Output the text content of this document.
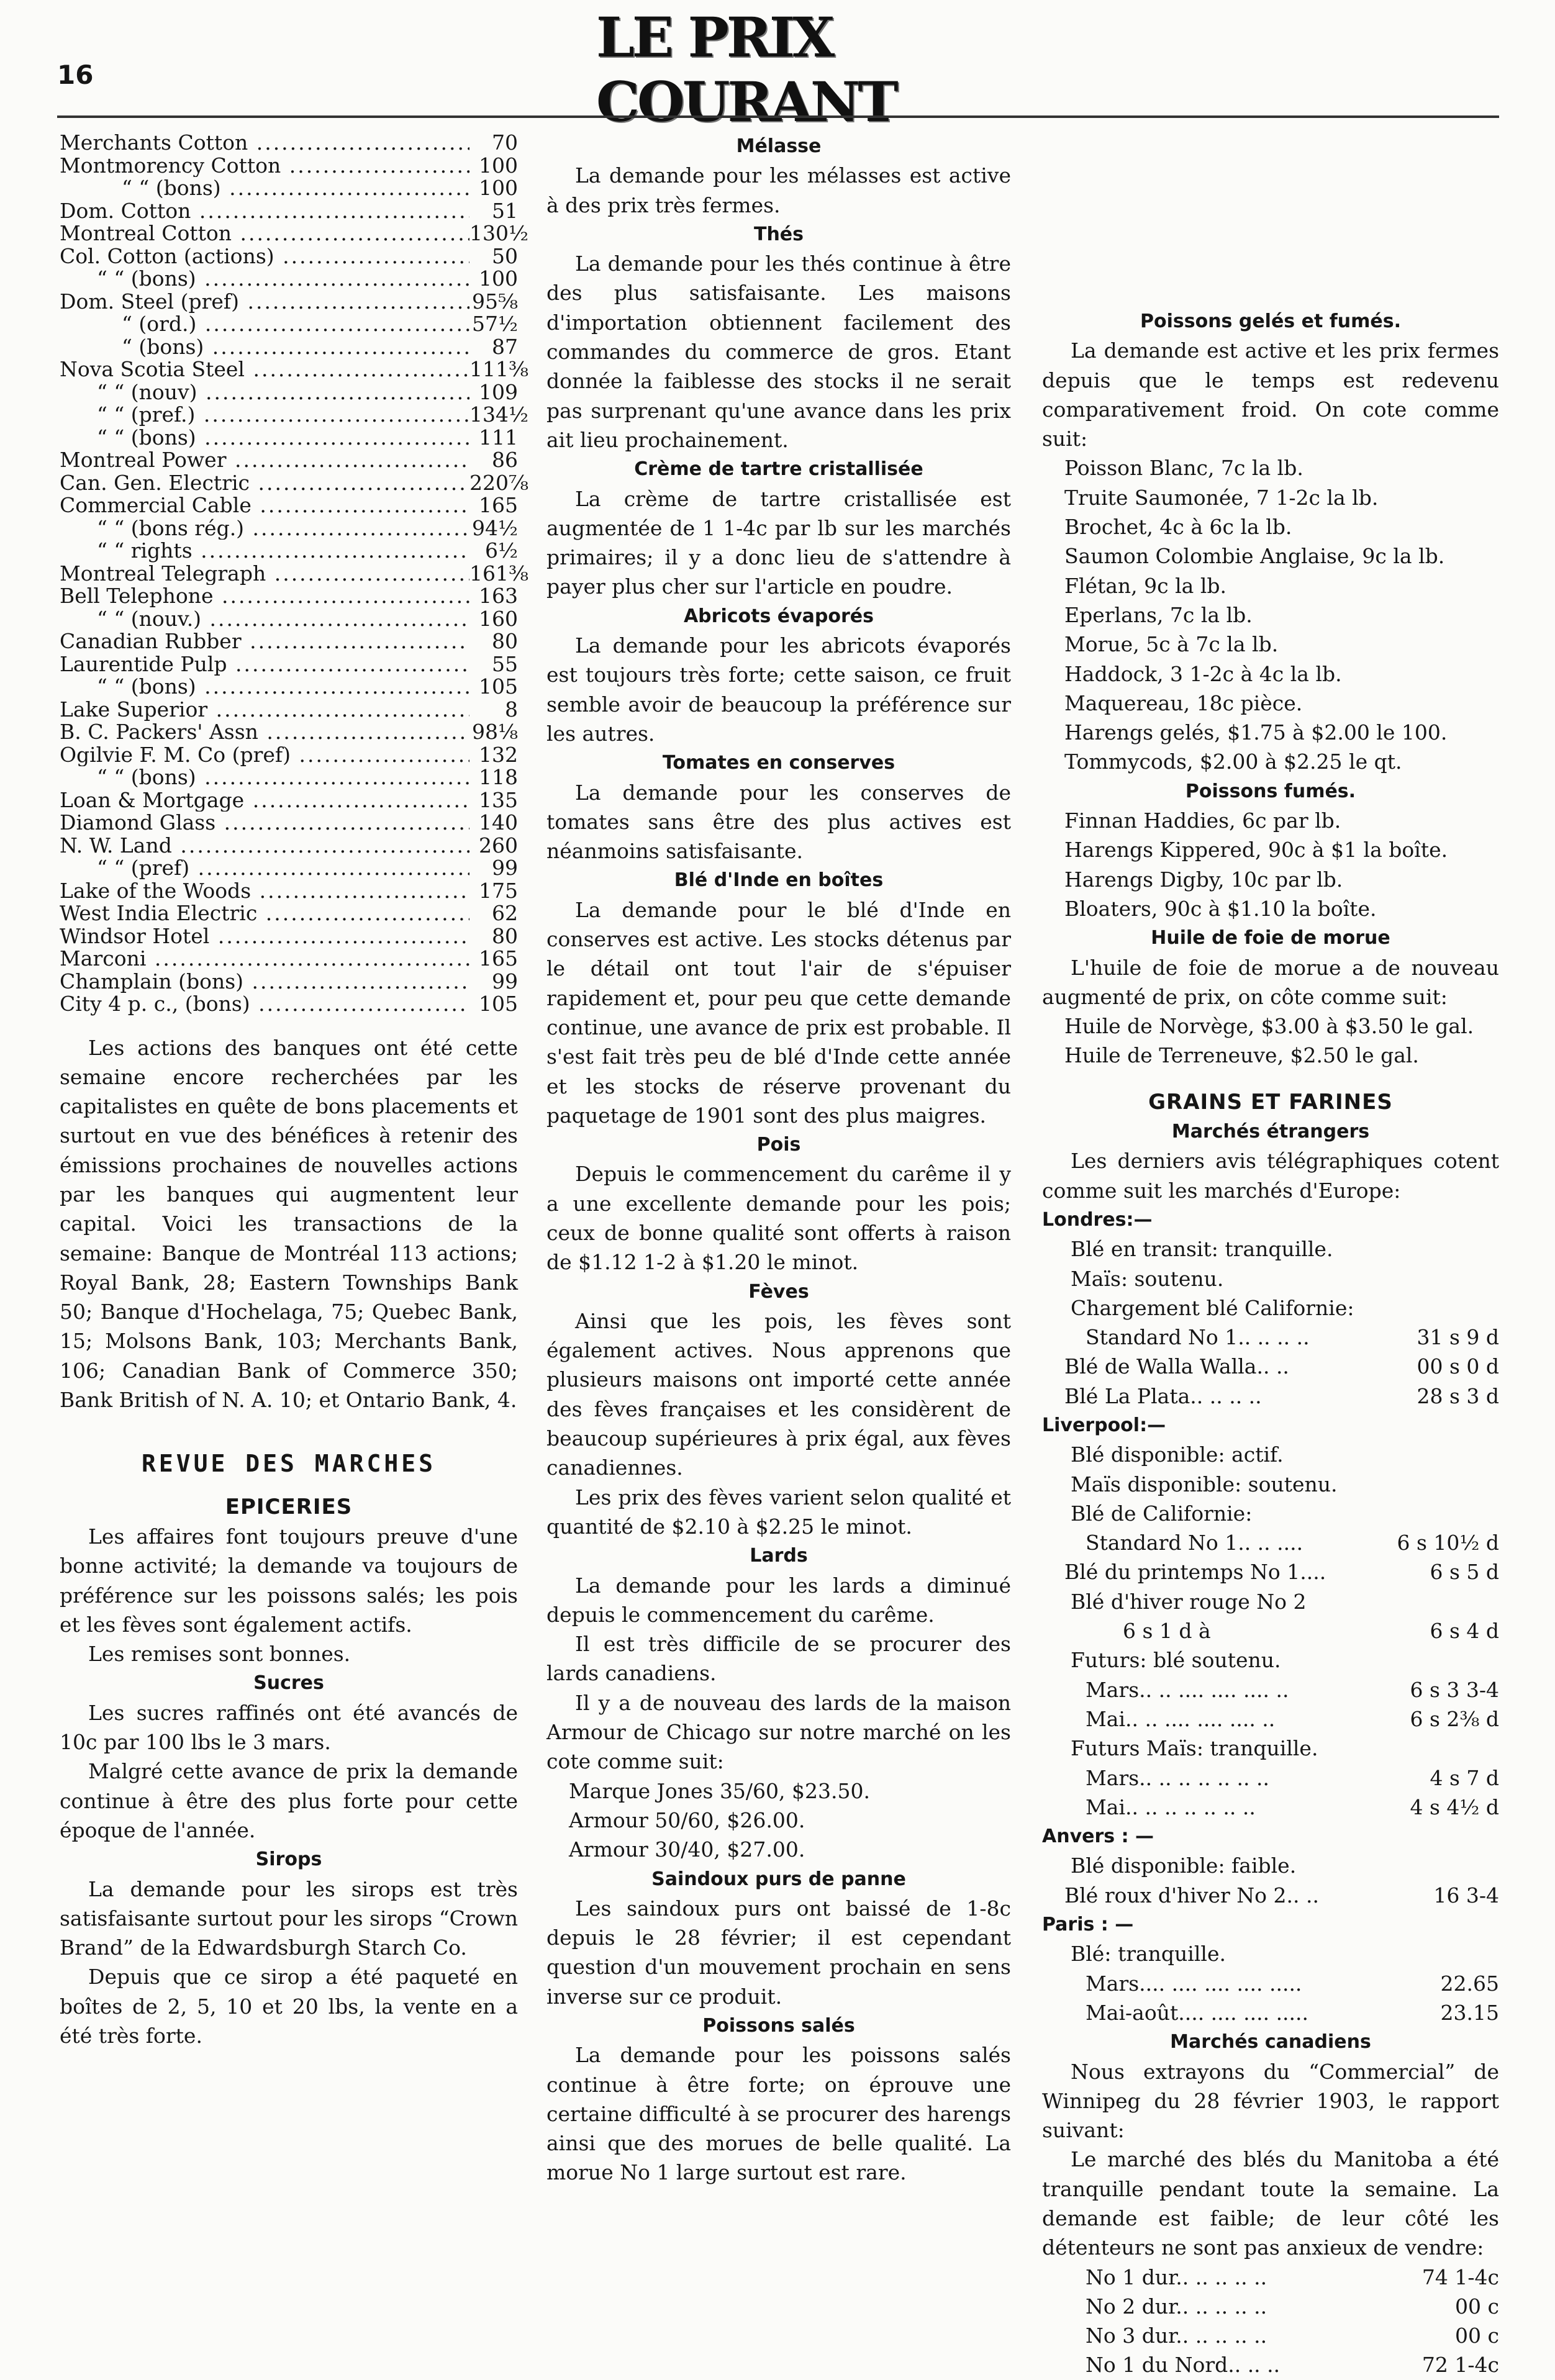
16
LE PRIX COURANT
Merchants Cotton .....	70
Montmorency Cotton .....	100
“ “ (bons) .....	100
Dom. Cotton .....	51
Montreal Cotton .....	130½
Col. Cotton (actions) .....	50
“ “ (bons) .....	100
Dom. Steel (pref) .....	95⅝
“ (ord.) .....	57½
“ (bons) .....	87
Nova Scotia Steel .....	111⅜
“ “ (nouv) .....	109
“ “ (pref.) .....	134½
“ “ (bons) .....	111
Montreal Power .....	86
Can. Gen. Electric .....	220⅞
Commercial Cable .....	165
“ “ (bons rég.) .....	94½
“ “ rights .....	6½
Montreal Telegraph .....	161⅜
Bell Telephone .....	163
“ “ (nouv.) .....	160
Canadian Rubber .....	80
Laurentide Pulp .....	55
“ “ (bons) .....	105
Lake Superior .....	8
B. C. Packers' Assn .....	98⅛
Ogilvie F. M. Co (pref) .....	132
“ “ (bons) .....	118
Loan & Mortgage .....	135
Diamond Glass .....	140
N. W. Land .....	260
“ “ (pref) .....	99
Lake of the Woods .....	175
West India Electric .....	62
Windsor Hotel .....	80
Marconi .....	165
Champlain (bons) .....	99
City 4 p. c., (bons) .....	105

Les actions des banques ont été cette semaine encore recherchées par les capitalistes en quête de bons placements et surtout en vue des bénéfices à retenir des émissions prochaines de nouvelles actions par les banques qui augmentent leur capital. Voici les transactions de la semaine: Banque de Montréal 113 actions; Royal Bank, 28; Eastern Townships Bank 50; Banque d'Hochelaga, 75; Quebec Bank, 15; Molsons Bank, 103; Merchants Bank, 106; Canadian Bank of Commerce 350; Bank British of N. A. 10; et Ontario Bank, 4.

REVUE DES MARCHES

EPICERIES

Les affaires font toujours preuve d'une bonne activité; la demande va toujours de préférence sur les poissons salés; les pois et les fèves sont également actifs.

Les remises sont bonnes.

Sucres

Les sucres raffinés ont été avancés de 10c par 100 lbs le 3 mars.

Malgré cette avance de prix la demande continue à être des plus forte pour cette époque de l'année.

Sirops

La demande pour les sirops est très satisfaisante surtout pour les sirops “Crown Brand” de la Edwardsburgh Starch Co.

Depuis que ce sirop a été paqueté en boîtes de 2, 5, 10 et 20 lbs, la vente en a été très forte.

Mélasse

La demande pour les mélasses est active à des prix très fermes.

Thés

La demande pour les thés continue à être des plus satisfaisante. Les maisons d'importation obtiennent facilement des commandes du commerce de gros. Etant donnée la faiblesse des stocks il ne serait pas surprenant qu'une avance dans les prix ait lieu prochainement.

Crème de tartre cristallisée

La crème de tartre cristallisée est augmentée de 1 1-4c par lb sur les marchés primaires; il y a donc lieu de s'attendre à payer plus cher sur l'article en poudre.

Abricots évaporés

La demande pour les abricots évaporés est toujours très forte; cette saison, ce fruit semble avoir de beaucoup la préférence sur les autres.

Tomates en conserves

La demande pour les conserves de tomates sans être des plus actives est néanmoins satisfaisante.

Blé d'Inde en boîtes

La demande pour le blé d'Inde en conserves est active. Les stocks détenus par le détail ont tout l'air de s'épuiser rapidement et, pour peu que cette demande continue, une avance de prix est probable. Il s'est fait très peu de blé d'Inde cette année et les stocks de réserve provenant du paquetage de 1901 sont des plus maigres.

Pois

Depuis le commencement du carême il y a une excellente demande pour les pois; ceux de bonne qualité sont offerts à raison de $1.12 1-2 à $1.20 le minot.

Fèves

Ainsi que les pois, les fèves sont également actives. Nous apprenons que plusieurs maisons ont importé cette année des fèves françaises et les considèrent de beaucoup supérieures à prix égal, aux fèves canadiennes.

Les prix des fèves varient selon qualité et quantité de $2.10 à $2.25 le minot.

Lards

La demande pour les lards a diminué depuis le commencement du carême.

Il est très difficile de se procurer des lards canadiens.

Il y a de nouveau des lards de la maison Armour de Chicago sur notre marché on les cote comme suit:

Marque Jones 35/60, $23.50.

Armour 50/60, $26.00.

Armour 30/40, $27.00.

Saindoux purs de panne

Les saindoux purs ont baissé de 1-8c depuis le 28 février; il est cependant question d'un mouvement prochain en sens inverse sur ce produit.

Poissons salés

La demande pour les poissons salés continue à être forte; on éprouve une certaine difficulté à se procurer des harengs ainsi que des morues de belle qualité. La morue No 1 large surtout est rare.

Poissons gelés et fumés.

La demande est active et les prix fermes depuis que le temps est redevenu comparativement froid. On cote comme suit:

Poisson Blanc, 7c la lb.

Truite Saumonée, 7 1-2c la lb.

Brochet, 4c à 6c la lb.

Saumon Colombie Anglaise, 9c la lb.

Flétan, 9c la lb.

Eperlans, 7c la lb.

Morue, 5c à 7c la lb.

Haddock, 3 1-2c à 4c la lb.

Maquereau, 18c pièce.

Harengs gelés, $1.75 à $2.00 le 100.

Tommycods, $2.00 à $2.25 le qt.

Poissons fumés.

Finnan Haddies, 6c par lb.

Harengs Kippered, 90c à $1 la boîte.

Harengs Digby, 10c par lb.

Bloaters, 90c à $1.10 la boîte.

Huile de foie de morue

L'huile de foie de morue a de nouveau augmenté de prix, on côte comme suit:

Huile de Norvège, $3.00 à $3.50 le gal.

Huile de Terreneuve, $2.50 le gal.

GRAINS ET FARINES

Marchés étrangers

Les derniers avis télégraphiques cotent comme suit les marchés d'Europe:

Londres:—

Blé en transit: tranquille.

Maïs: soutenu.

Chargement blé Californie:

Standard No 1.. .. .. ..	31 s 9 d
Blé de Walla Walla.. ..	00 s 0 d
Blé La Plata.. .. .. ..	28 s 3 d

Liverpool:—

Blé disponible: actif.

Maïs disponible: soutenu.

Blé de Californie:

Standard No 1.. .. ....	6 s 10½ d
Blé du printemps No 1....	6 s 5 d

Blé d'hiver rouge No 2

6 s 1 d à	6 s 4 d

Futurs: blé soutenu.

Mars.. .. .... .... .... ..	6 s 3 3-4
Mai.. .. .... .... .... ..	6 s 2⅜ d

Futurs Maïs: tranquille.

Mars.. .. .. .. .. .. ..	4 s 7 d
Mai.. .. .. .. .. .. ..	4 s 4½ d

Anvers : —

Blé disponible: faible.

Blé roux d'hiver No 2.. ..	16 3-4

Paris : —

Blé: tranquille.

Mars.... .... .... .... .....	22.65
Mai-août.... .... .... .....	23.15

Marchés canadiens

Nous extrayons du “Commercial” de Winnipeg du 28 février 1903, le rapport suivant:

Le marché des blés du Manitoba a été tranquille pendant toute la semaine. La demande est faible; de leur côté les détenteurs ne sont pas anxieux de vendre:

No 1 dur.. .. .. .. ..	74 1-4c
No 2 dur.. .. .. .. ..	00 c
No 3 dur.. .. .. .. ..	00 c
No 1 du Nord.. .. ..	72 1-4c
